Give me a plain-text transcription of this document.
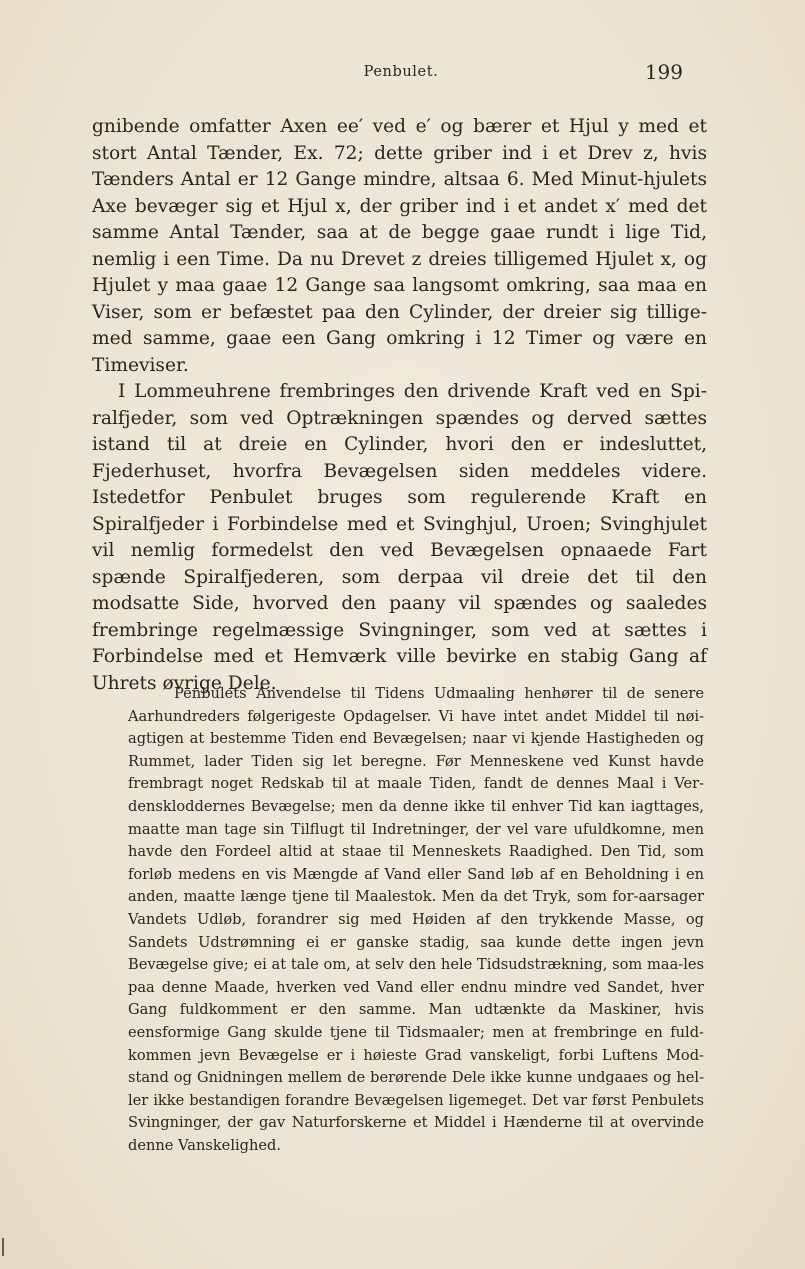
Penbulet.	199

gnibende omfatter Axen ee′ ved e′ og bærer et Hjul y med et stort Antal Tænder, Ex. 72; dette griber ind i et Drev z, hvis Tænders Antal er 12 Gange mindre, altsaa 6. Med Minut-hjulets Axe bevæger sig et Hjul x, der griber ind i et andet x′ med det samme Antal Tænder, saa at de begge gaae rundt i lige Tid, nemlig i een Time. Da nu Drevet z dreies tilligemed Hjulet x, og Hjulet y maa gaae 12 Gange saa langsomt omkring, saa maa en Viser, som er befæstet paa den Cylinder, der dreier sig tillige-med samme, gaae een Gang omkring i 12 Timer og være en Timeviser.

I Lommeuhrene frembringes den drivende Kraft ved en Spi-ralfjeder, som ved Optrækningen spændes og derved sættes istand til at dreie en Cylinder, hvori den er indesluttet, Fjederhuset, hvorfra Bevægelsen siden meddeles videre. Istedetfor Penbulet bruges som regulerende Kraft en Spiralfjeder i Forbindelse med et Svinghjul, Uroen; Svinghjulet vil nemlig formedelst den ved Bevægelsen opnaaede Fart spænde Spiralfjederen, som derpaa vil dreie det til den modsatte Side, hvorved den paany vil spændes og saaledes frembringe regelmæssige Svingninger, som ved at sættes i Forbindelse med et Hemværk ville bevirke en stabig Gang af Uhrets øvrige Dele.

Penbulets Anvendelse til Tidens Udmaaling henhører til de senere Aarhundreders følgerigeste Opdagelser. Vi have intet andet Middel til nøi-agtigen at bestemme Tiden end Bevægelsen; naar vi kjende Hastigheden og Rummet, lader Tiden sig let beregne. Før Menneskene ved Kunst havde frembragt noget Redskab til at maale Tiden, fandt de dennes Maal i Ver-denskloddernes Bevægelse; men da denne ikke til enhver Tid kan iagttages, maatte man tage sin Tilflugt til Indretninger, der vel vare ufuldkomne, men havde den Fordeel altid at staae til Menneskets Raadighed. Den Tid, som forløb medens en vis Mængde af Vand eller Sand løb af en Beholdning i en anden, maatte længe tjene til Maalestok. Men da det Tryk, som for-aarsager Vandets Udløb, forandrer sig med Høiden af den trykkende Masse, og Sandets Udstrømning ei er ganske stadig, saa kunde dette ingen jevn Bevægelse give; ei at tale om, at selv den hele Tidsudstrækning, som maa-les paa denne Maade, hverken ved Vand eller endnu mindre ved Sandet, hver Gang fuldkomment er den samme. Man udtænkte da Maskiner, hvis eensformige Gang skulde tjene til Tidsmaaler; men at frembringe en fuld-kommen jevn Bevægelse er i høieste Grad vanskeligt, forbi Luftens Mod-stand og Gnidningen mellem de berørende Dele ikke kunne undgaaes og hel-ler ikke bestandigen forandre Bevægelsen ligemeget. Det var først Penbulets Svingninger, der gav Naturforskerne et Middel i Hænderne til at overvinde denne Vanskelighed.
